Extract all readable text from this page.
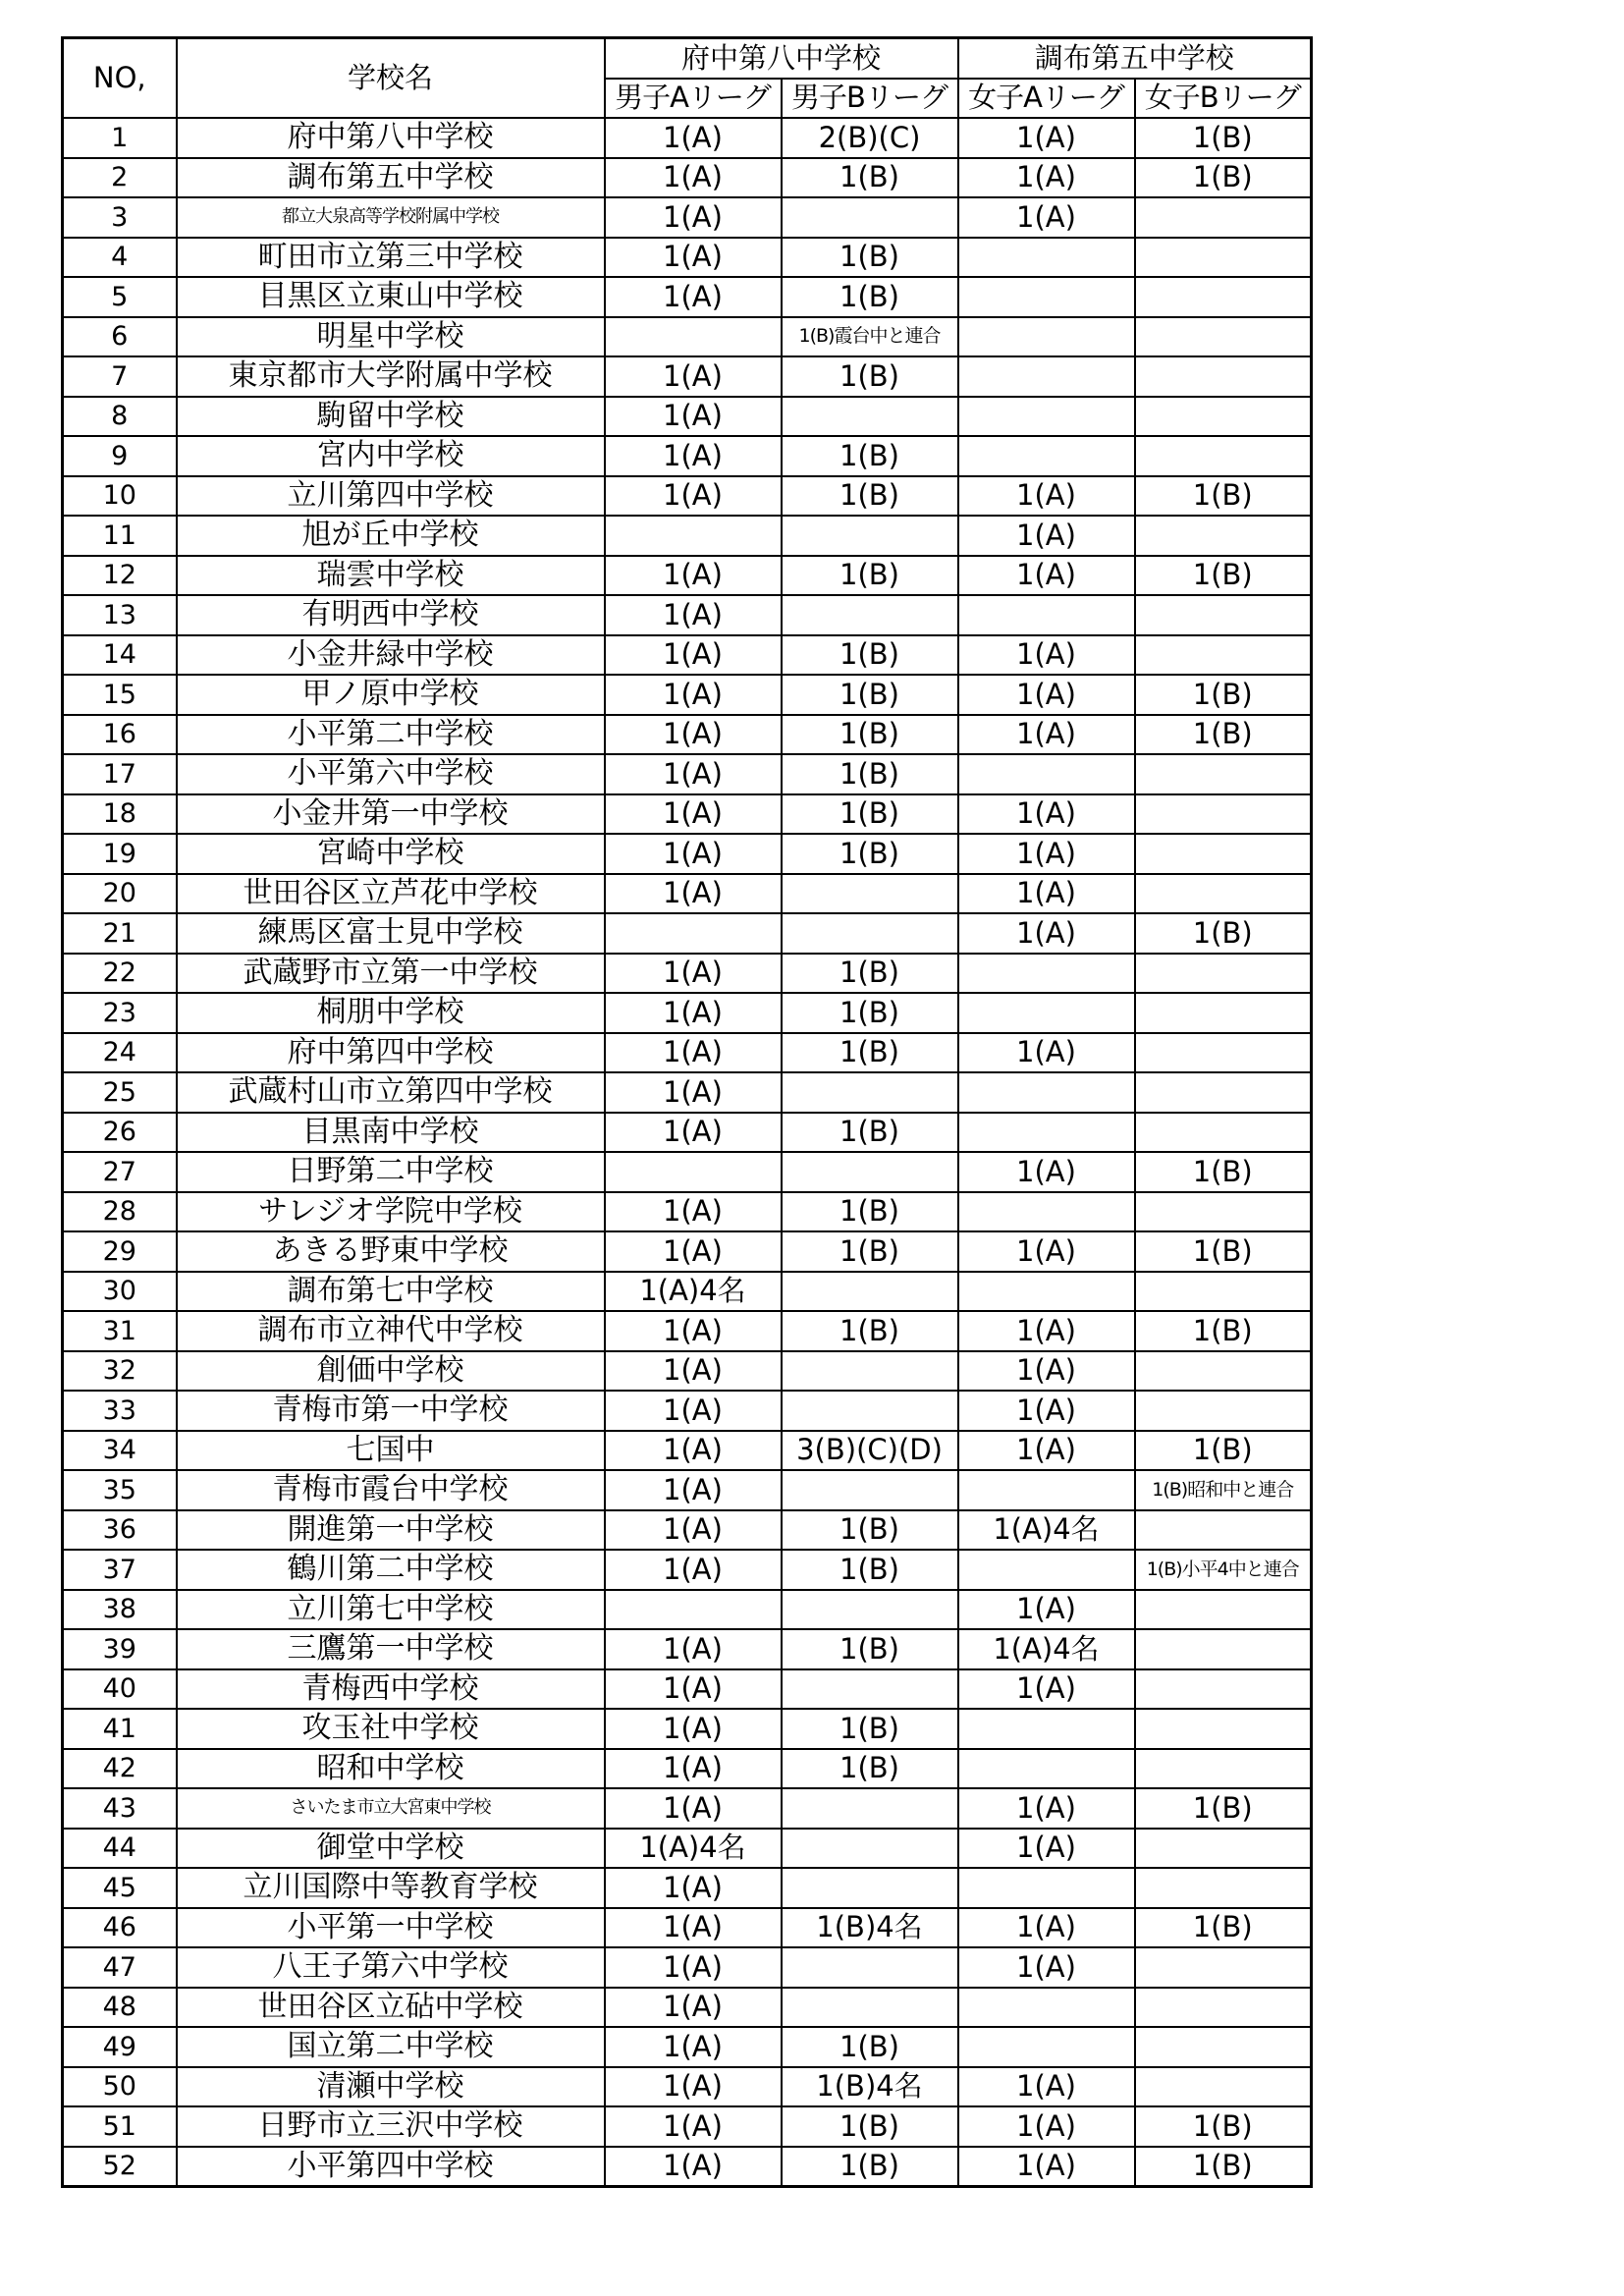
NO,	学校名	府中第八中学校		調布第五中学校	
		男子Aリーグ	男子Bリーグ	女子Aリーグ	女子Bリーグ
1	府中第八中学校	1(A)	2(B)(C)	1(A)	1(B)
2	調布第五中学校	1(A)	1(B)	1(A)	1(B)
3	都立大泉高等学校附属中学校	1(A)		1(A)	
4	町田市立第三中学校	1(A)	1(B)		
5	目黒区立東山中学校	1(A)	1(B)		
6	明星中学校		1(B)霞台中と連合		
7	東京都市大学附属中学校	1(A)	1(B)		
8	駒留中学校	1(A)			
9	宮内中学校	1(A)	1(B)		
10	立川第四中学校	1(A)	1(B)	1(A)	1(B)
11	旭が丘中学校			1(A)	
12	瑞雲中学校	1(A)	1(B)	1(A)	1(B)
13	有明西中学校	1(A)			
14	小金井緑中学校	1(A)	1(B)	1(A)	
15	甲ノ原中学校	1(A)	1(B)	1(A)	1(B)
16	小平第二中学校	1(A)	1(B)	1(A)	1(B)
17	小平第六中学校	1(A)	1(B)		
18	小金井第一中学校	1(A)	1(B)	1(A)	
19	宮崎中学校	1(A)	1(B)	1(A)	
20	世田谷区立芦花中学校	1(A)		1(A)	
21	練馬区富士見中学校			1(A)	1(B)
22	武蔵野市立第一中学校	1(A)	1(B)		
23	桐朋中学校	1(A)	1(B)		
24	府中第四中学校	1(A)	1(B)	1(A)	
25	武蔵村山市立第四中学校	1(A)			
26	目黒南中学校	1(A)	1(B)		
27	日野第二中学校			1(A)	1(B)
28	サレジオ学院中学校	1(A)	1(B)		
29	あきる野東中学校	1(A)	1(B)	1(A)	1(B)
30	調布第七中学校	1(A)4名			
31	調布市立神代中学校	1(A)	1(B)	1(A)	1(B)
32	創価中学校	1(A)		1(A)	
33	青梅市第一中学校	1(A)		1(A)	
34	七国中	1(A)	3(B)(C)(D)	1(A)	1(B)
35	青梅市霞台中学校	1(A)			1(B)昭和中と連合
36	開進第一中学校	1(A)	1(B)	1(A)4名	
37	鶴川第二中学校	1(A)	1(B)		1(B)小平4中と連合
38	立川第七中学校			1(A)	
39	三鷹第一中学校	1(A)	1(B)	1(A)4名	
40	青梅西中学校	1(A)		1(A)	
41	攻玉社中学校	1(A)	1(B)		
42	昭和中学校	1(A)	1(B)		
43	さいたま市立大宮東中学校	1(A)		1(A)	1(B)
44	御堂中学校	1(A)4名		1(A)	
45	立川国際中等教育学校	1(A)			
46	小平第一中学校	1(A)	1(B)4名	1(A)	1(B)
47	八王子第六中学校	1(A)		1(A)	
48	世田谷区立砧中学校	1(A)			
49	国立第二中学校	1(A)	1(B)		
50	清瀬中学校	1(A)	1(B)4名	1(A)	
51	日野市立三沢中学校	1(A)	1(B)	1(A)	1(B)
52	小平第四中学校	1(A)	1(B)	1(A)	1(B)
